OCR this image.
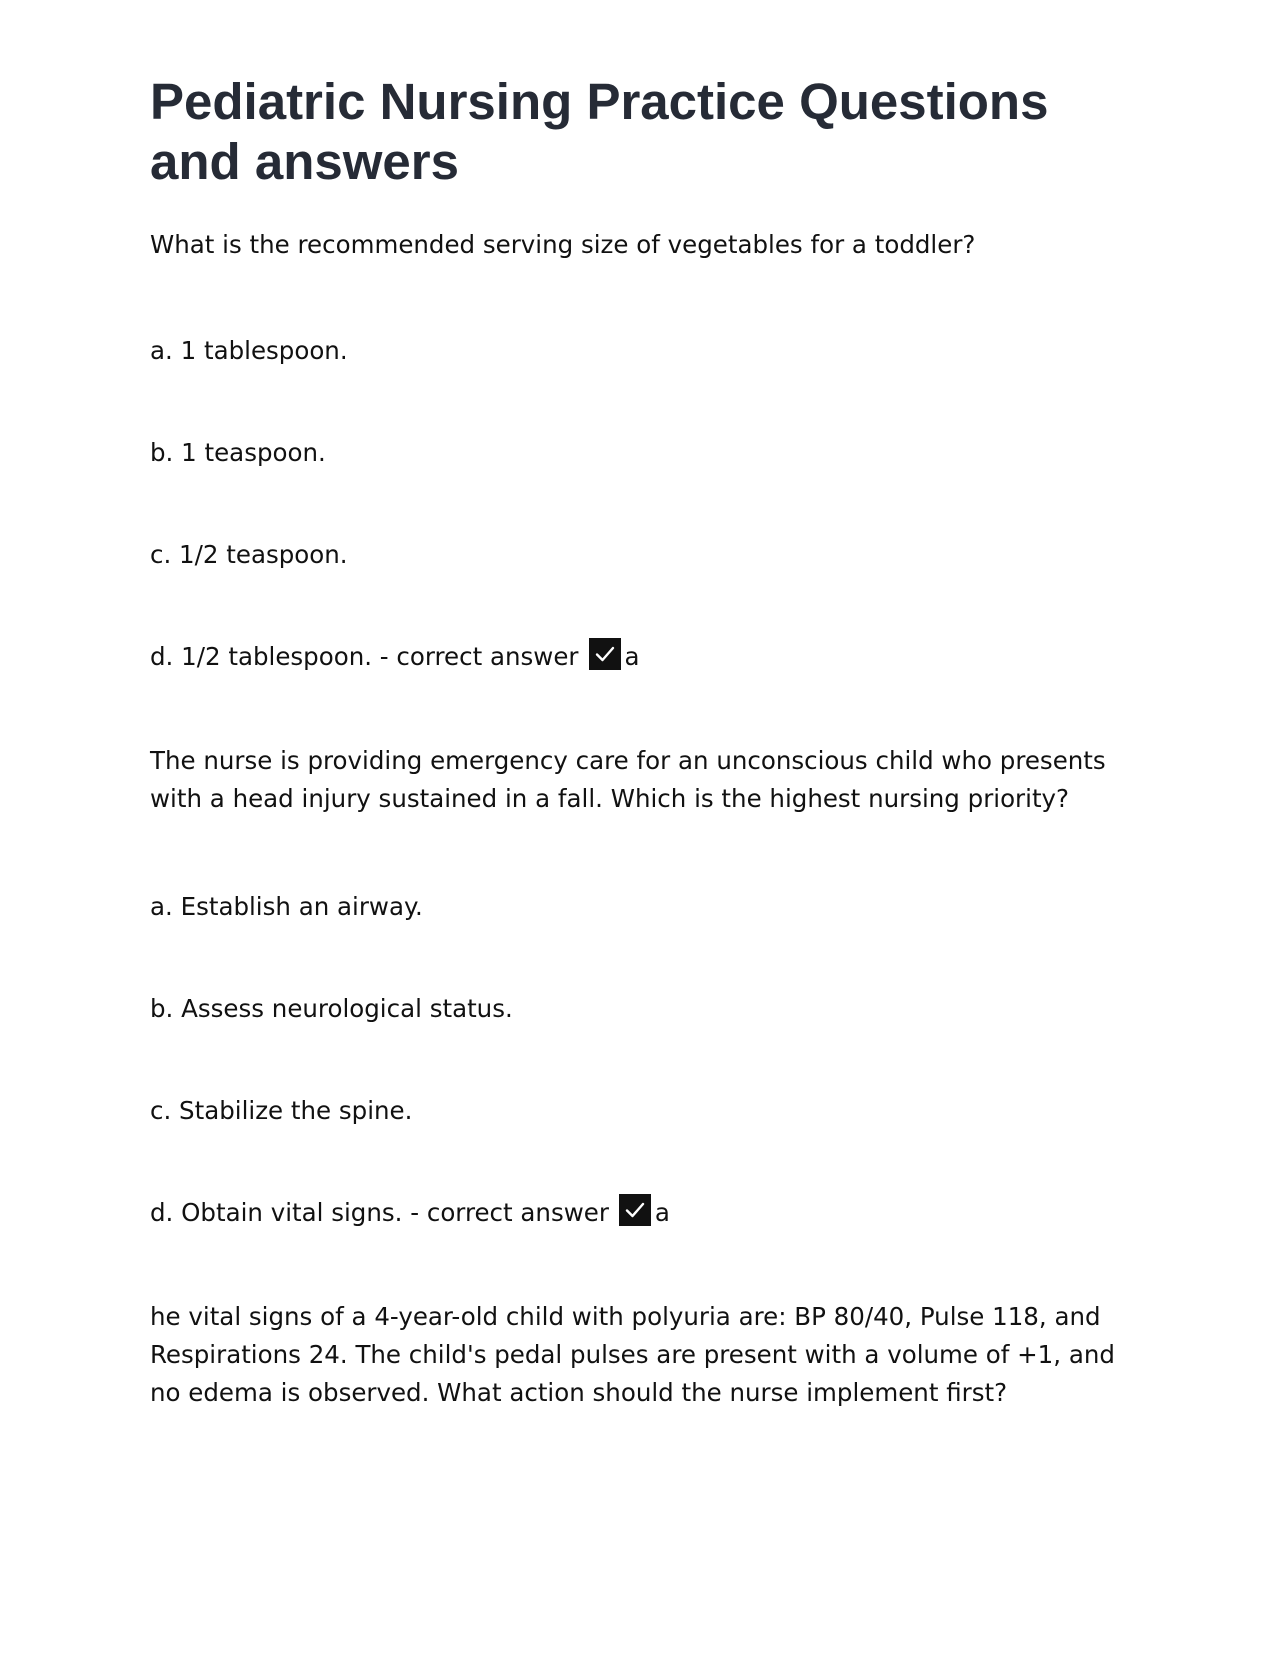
Pediatric Nursing Practice Questions and answers

What is the recommended serving size of vegetables for a toddler?

a. 1 tablespoon.

b. 1 teaspoon.

c. 1/2 teaspoon.

d. 1/2 tablespoon. - correct answer a

The nurse is providing emergency care for an unconscious child who presents with a head injury sustained in a fall. Which is the highest nursing priority?

a. Establish an airway.

b. Assess neurological status.

c. Stabilize the spine.

d. Obtain vital signs. - correct answer a

he vital signs of a 4-year-old child with polyuria are: BP 80/40, Pulse 118, and Respirations 24. The child's pedal pulses are present with a volume of +1, and no edema is observed. What action should the nurse implement first?
